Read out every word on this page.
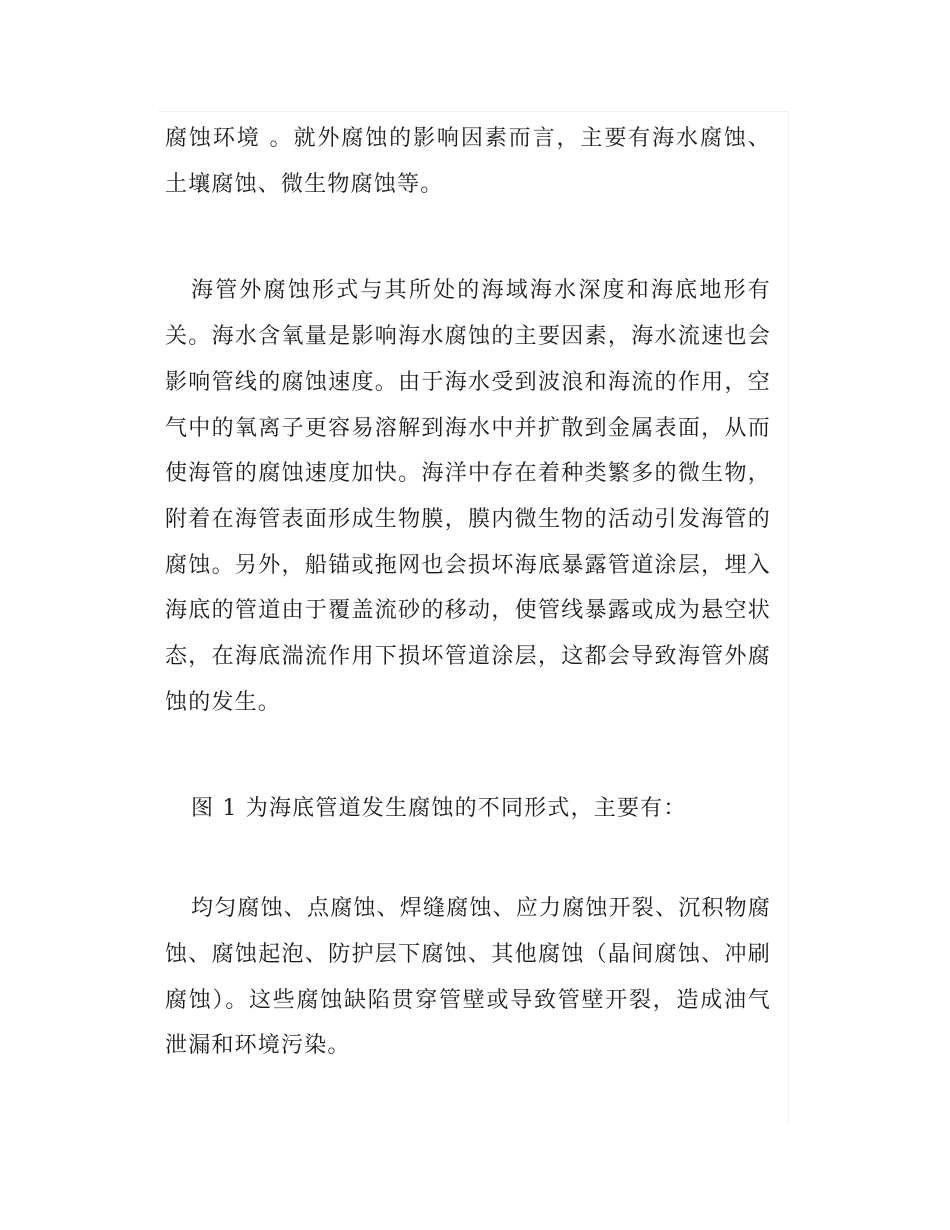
腐蚀环境 。就外腐蚀的影响因素而言，主要有海水腐蚀、土壤腐蚀、微生物腐蚀等。

海管外腐蚀形式与其所处的海域海水深度和海底地形有关。海水含氧量是影响海水腐蚀的主要因素，海水流速也会影响管线的腐蚀速度。由于海水受到波浪和海流的作用，空气中的氧离子更容易溶解到海水中并扩散到金属表面，从而使海管的腐蚀速度加快。海洋中存在着种类繁多的微生物，附着在海管表面形成生物膜，膜内微生物的活动引发海管的腐蚀。另外，船锚或拖网也会损坏海底暴露管道涂层，埋入海底的管道由于覆盖流砂的移动，使管线暴露或成为悬空状态，在海底湍流作用下损坏管道涂层，这都会导致海管外腐蚀的发生。

图 1 为海底管道发生腐蚀的不同形式，主要有：

均匀腐蚀、点腐蚀、焊缝腐蚀、应力腐蚀开裂、沉积物腐蚀、腐蚀起泡、防护层下腐蚀、其他腐蚀（晶间腐蚀、冲刷腐蚀）。这些腐蚀缺陷贯穿管壁或导致管壁开裂，造成油气泄漏和环境污染。
